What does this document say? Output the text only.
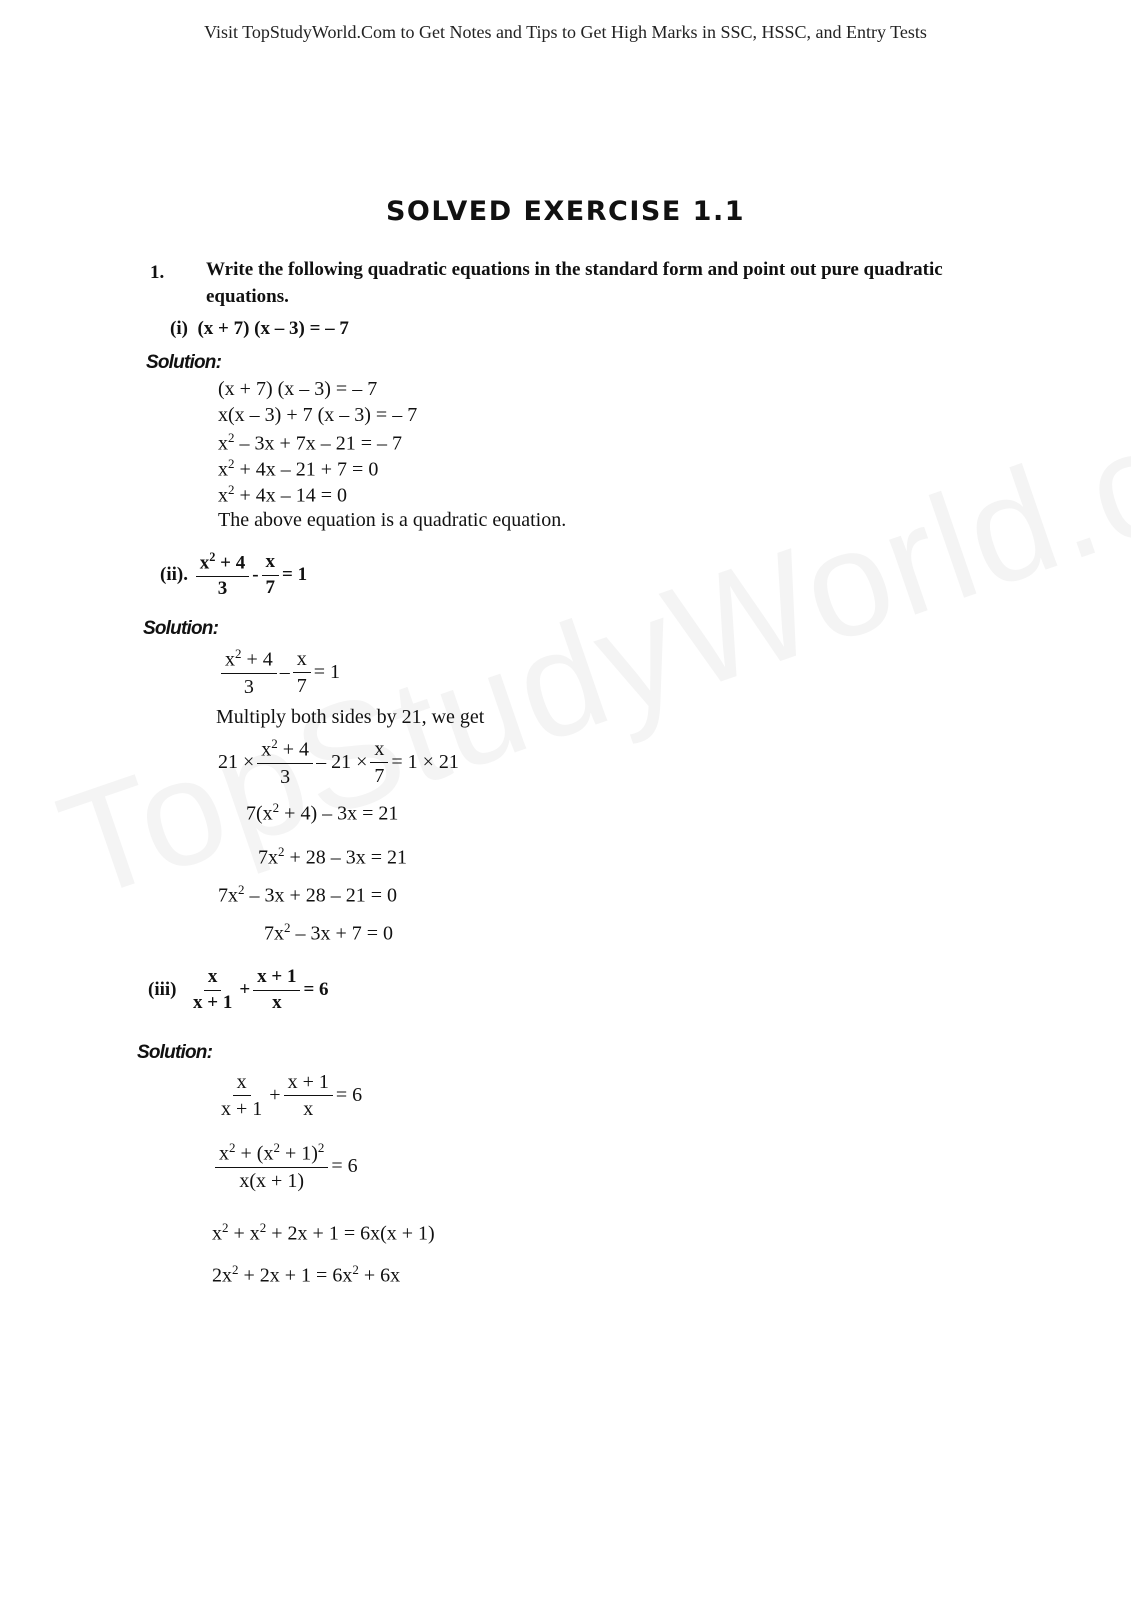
Visit TopStudyWorld.Com to Get Notes and Tips to Get High Marks in SSC, HSSC, and Entry Tests
SOLVED EXERCISE 1.1
1. Write the following quadratic equations in the standard form and point out pure quadratic equations.
(i) (x + 7) (x – 3) = – 7
Solution:
(x + 7) (x – 3) = – 7
x(x – 3) + 7 (x – 3) = – 7
$x^2 - 3x + 7x - 21$ = – 7
$x^2 + 4x - 21 + 7 = 0$
$x^2 + 4x - 14 = 0$
The above equation is a quadratic equation.
(ii).
$\frac{x^2 + 4}{3} - \frac{x}{7} = 1$
Solution:
$\frac{x^2 + 4}{3} - \frac{x}{7} = 1$
Multiply both sides by 21, we get
$21 \times \frac{x^2 + 4}{3} - 21 \times \frac{x}{7} = 1 \times 21$
$7(x^2 + 4) - 3x = 21$
$7x^2 + 28 - 3x = 21$
$7x^2 - 3x + 28 - 21 = 0$
$7x^2 - 3x + 7 = 0$
(iii)
$\frac{x}{x + 1} + \frac{x + 1}{x} = 6$
Solution:
$\frac{x}{x + 1} + \frac{x + 1}{x} = 6$
$\frac{x^2 + (x^2 + 1)^2}{x(x + 1)} = 6$
$x^2 + x^2 + 2x + 1 = 6x(x + 1)$
$2x^2 + 2x + 1 = 6x^2 + 6x$
